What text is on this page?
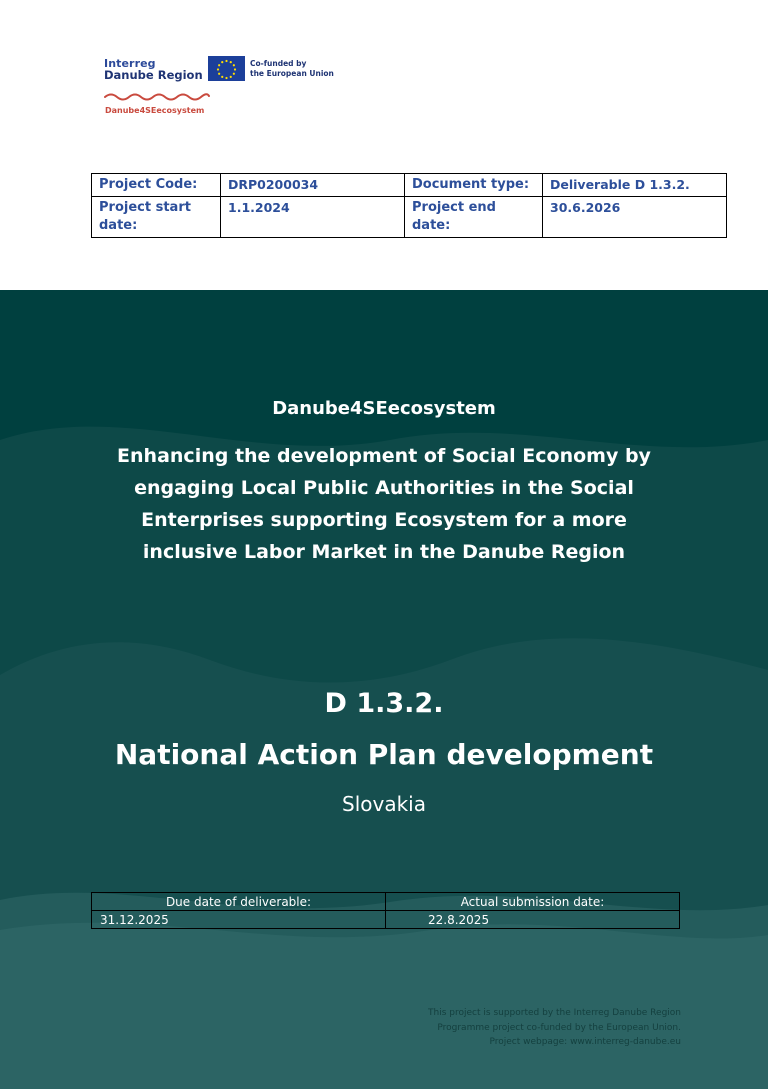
Interreg
Danube Region
Co-funded by
the European Union
Danube4SEecosystem
Project Code:	DRP0200034	Document type:	Deliverable D 1.3.2.
Project start date:	1.1.2024	Project end date:	30.6.2026
Danube4SEecosystem
Enhancing the development of Social Economy by engaging Local Public Authorities in the Social Enterprises supporting Ecosystem for a more inclusive Labor Market in the Danube Region
D 1.3.2.
National Action Plan development
Slovakia
Due date of deliverable:	Actual submission date:
31.12.2025	22.8.2025
This project is supported by the Interreg Danube Region
Programme project co-funded by the European Union.
Project webpage: www.interreg-danube.eu
